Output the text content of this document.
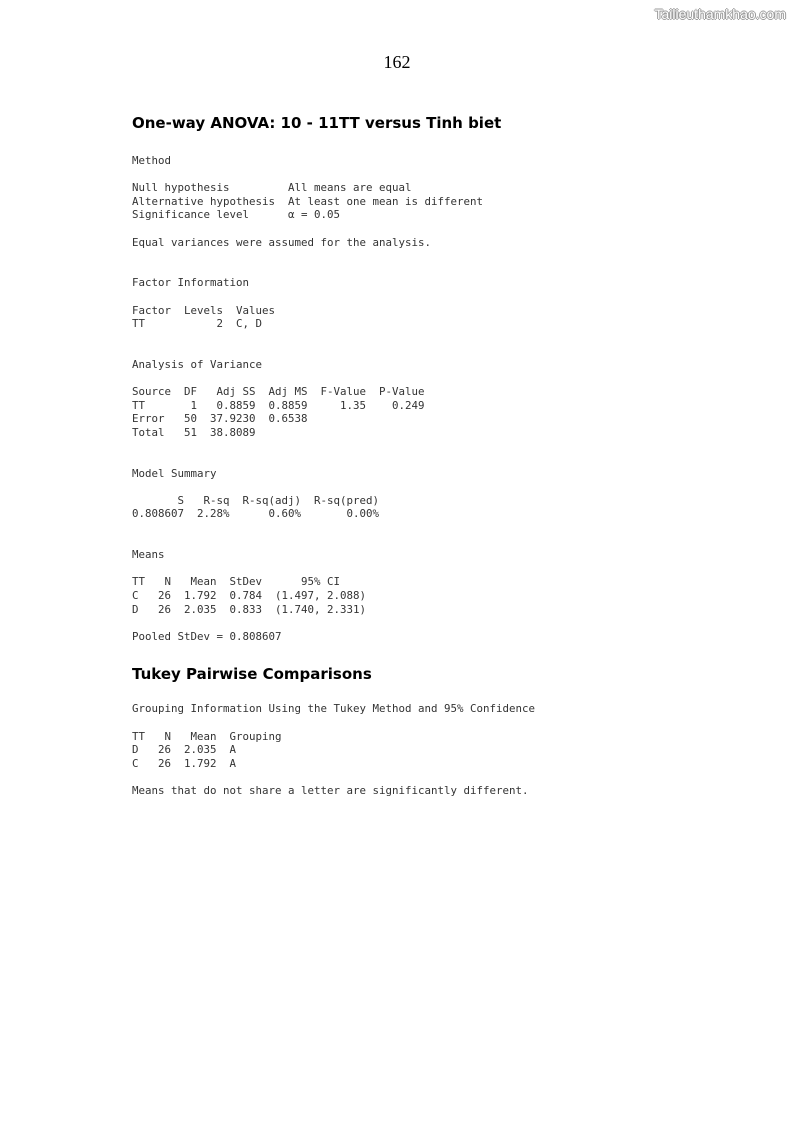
Tailieuthamkhao.com
162
One-way ANOVA: 10 - 11TT versus Tinh biet

Method

Null hypothesis         All means are equal

Alternative hypothesis  At least one mean is different

Significance level      α = 0.05

Equal variances were assumed for the analysis.

Factor Information

Factor  Levels  Values

TT           2  C, D

Analysis of Variance

Source  DF   Adj SS  Adj MS  F-Value  P-Value

TT       1   0.8859  0.8859     1.35    0.249

Error   50  37.9230  0.6538

Total   51  38.8089

Model Summary

S   R-sq  R-sq(adj)  R-sq(pred)

0.808607  2.28%      0.60%       0.00%

Means

TT   N   Mean  StDev      95% CI

C   26  1.792  0.784  (1.497, 2.088)

D   26  2.035  0.833  (1.740, 2.331)

Pooled StDev = 0.808607

Tukey Pairwise Comparisons

Grouping Information Using the Tukey Method and 95% Confidence

TT   N   Mean  Grouping

D   26  2.035  A

C   26  1.792  A

Means that do not share a letter are significantly different.
